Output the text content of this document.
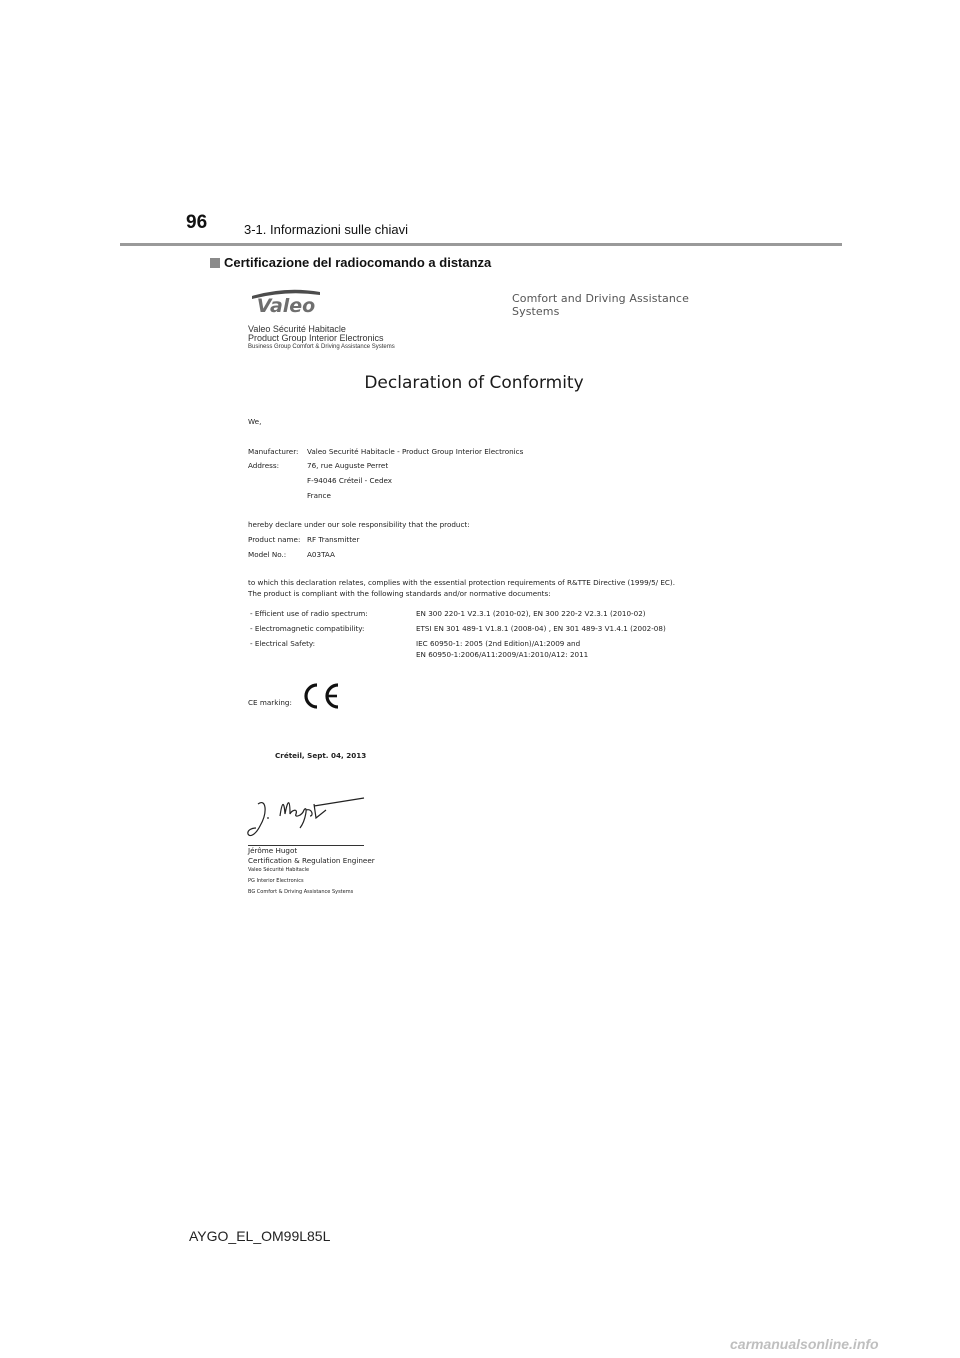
96	3-1. Informazioni sulle chiavi
Certificazione del radiocomando a distanza
Valeo	Comfort and Driving Assistance Systems
Valeo Sécurité Habitacle
Product Group Interior Electronics
Business Group Comfort & Driving Assistance Systems
Declaration of Conformity
We,
Manufacturer: Valeo Securité Habitacle - Product Group Interior Electronics
Address:	76, rue Auguste Perret
F-94046 Créteil - Cedex
France
hereby declare under our sole responsibility that the product:
Product name: RF Transmitter
Model No.:	A03TAA
to which this declaration relates, complies with the essential protection requirements of R&TTE Directive (1999/5/ EC).
The product is compliant with the following standards and/or normative documents:
- Efficient use of radio spectrum:	EN 300 220-1 V2.3.1 (2010-02), EN 300 220-2 V2.3.1 (2010-02)
- Electromagnetic compatibility:	ETSI EN 301 489-1 V1.8.1 (2008-04) , EN 301 489-3 V1.4.1 (2002-08)
- Electrical Safety:	IEC 60950-1: 2005 (2nd Edition)/A1:2009 and
EN 60950-1:2006/A11:2009/A1:2010/A12: 2011
CE marking:
Créteil, Sept. 04, 2013
Jérôme Hugot
Certification & Regulation Engineer
Valeo Sécurité Habitacle
PG Interior Electronics
BG Comfort & Driving Assistance Systems
AYGO_EL_OM99L85L
carmanualsonline.info
